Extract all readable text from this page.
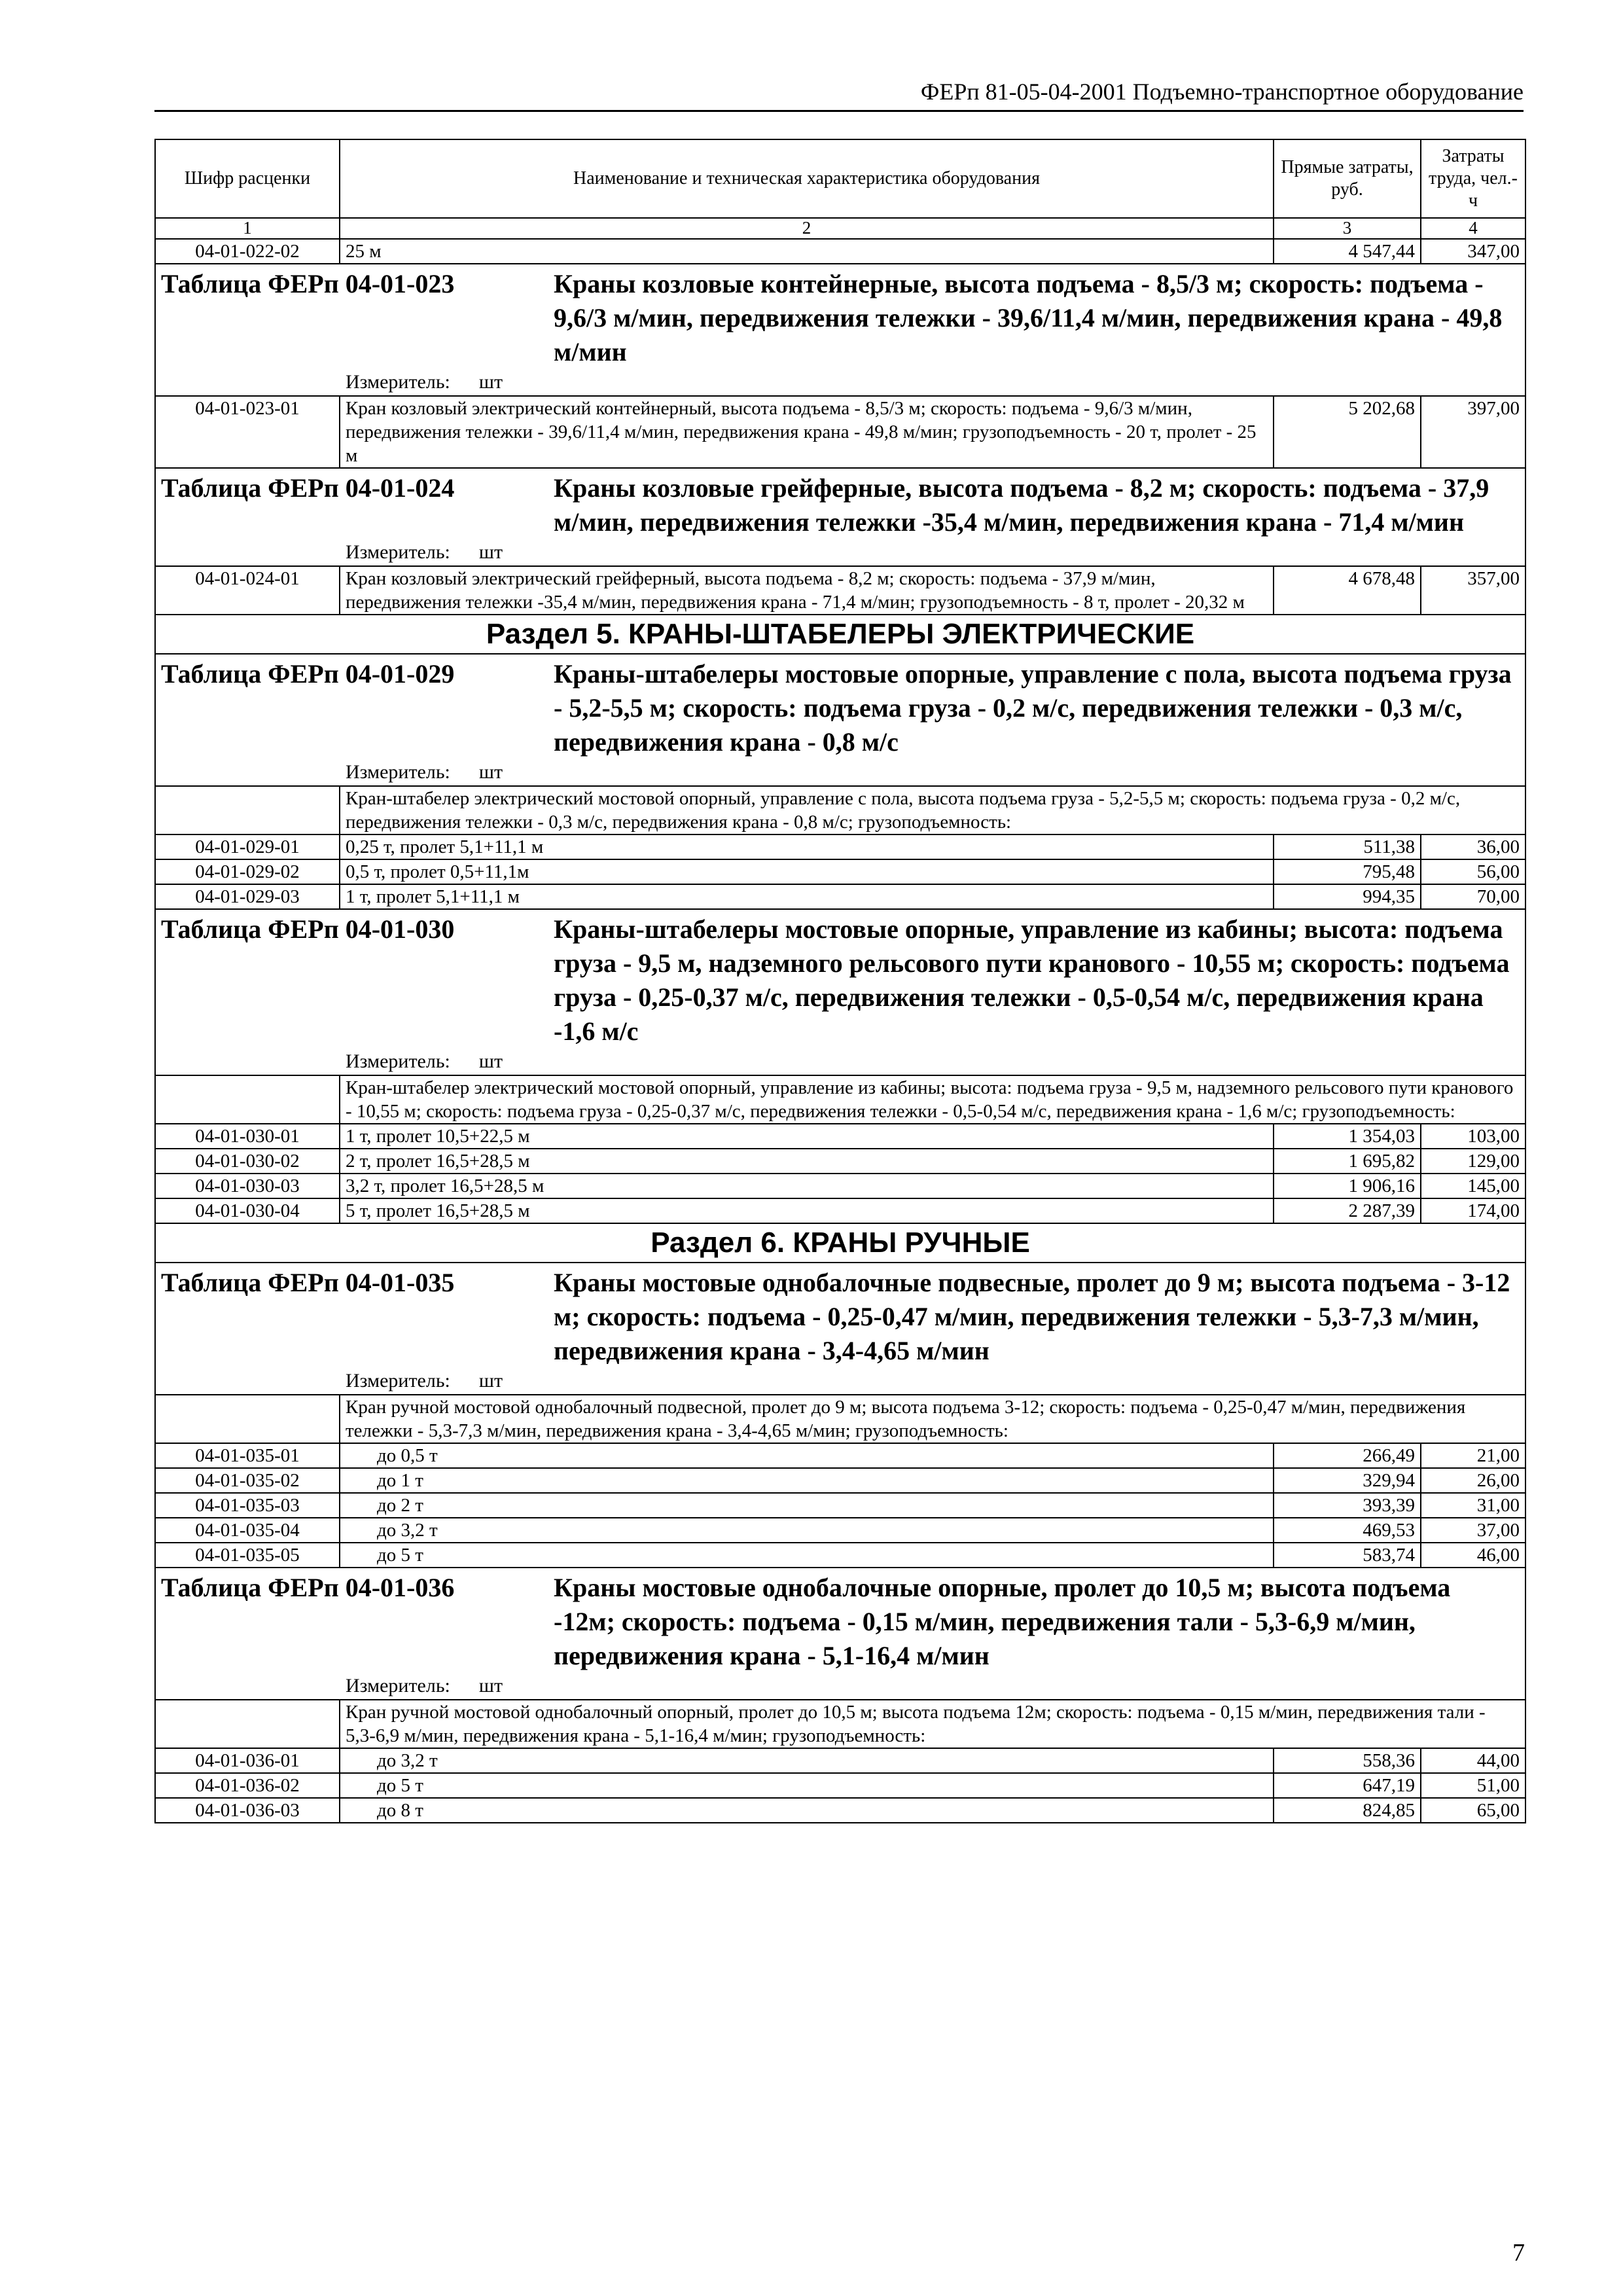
ФЕРп 81-05-04-2001 Подъемно-транспортное оборудование
Шифр расценки	Наименование и техническая характеристика оборудования	Прямые затраты, руб.	Затраты труда, чел.-ч
1	2	3	4
04-01-022-02	25 м	4 547,44	347,00

Таблица ФЕРп 04-01-023 Краны козловые контейнерные, высота подъема - 8,5/3 м; скорость: подъема - 9,6/3 м/мин, передвижения тележки - 39,6/11,4 м/мин, передвижения крана - 49,8 м/мин			

Измеритель: шт			
04-01-023-01	Кран козловый электрический контейнерный, высота подъема - 8,5/3 м; скорость: подъема - 9,6/3 м/мин, передвижения тележки - 39,6/11,4 м/мин, передвижения крана - 49,8 м/мин; грузоподъемность - 20 т, пролет - 25 м	5 202,68	397,00

Таблица ФЕРп 04-01-024 Краны козловые грейферные, высота подъема - 8,2 м; скорость: подъема - 37,9 м/мин, передвижения тележки -35,4 м/мин, передвижения крана - 71,4 м/мин			

Измеритель: шт			
04-01-024-01	Кран козловый электрический грейферный, высота подъема - 8,2 м; скорость: подъема - 37,9 м/мин, передвижения тележки -35,4 м/мин, передвижения крана - 71,4 м/мин; грузоподъемность - 8 т, пролет - 20,32 м	4 678,48	357,00
Раздел 5. КРАНЫ-ШТАБЕЛЕРЫ ЭЛЕКТРИЧЕСКИЕ			

Таблица ФЕРп 04-01-029 Краны-штабелеры мостовые опорные, управление с пола, высота подъема груза - 5,2-5,5 м; скорость: подъема груза - 0,2 м/с, передвижения тележки - 0,3 м/с, передвижения крана - 0,8 м/с			

Измеритель: шт			
	Кран-штабелер электрический мостовой опорный, управление с пола, высота подъема груза - 5,2-5,5 м; скорость: подъема груза - 0,2 м/с, передвижения тележки - 0,3 м/с, передвижения крана - 0,8 м/с; грузоподъемность:		
04-01-029-01	0,25 т, пролет 5,1+11,1 м	511,38	36,00
04-01-029-02	0,5 т, пролет 0,5+11,1м	795,48	56,00
04-01-029-03	1 т, пролет 5,1+11,1 м	994,35	70,00

Таблица ФЕРп 04-01-030 Краны-штабелеры мостовые опорные, управление из кабины; высота: подъема груза - 9,5 м, надземного рельсового пути кранового - 10,55 м; скорость: подъема груза - 0,25-0,37 м/с, передвижения тележки - 0,5-0,54 м/с, передвижения крана -1,6 м/с			

Измеритель: шт			
	Кран-штабелер электрический мостовой опорный, управление из кабины; высота: подъема груза - 9,5 м, надземного рельсового пути кранового - 10,55 м; скорость: подъема груза - 0,25-0,37 м/с, передвижения тележки - 0,5-0,54 м/с, передвижения крана - 1,6 м/с; грузоподъемность:		
04-01-030-01	1 т, пролет 10,5+22,5 м	1 354,03	103,00
04-01-030-02	2 т, пролет 16,5+28,5 м	1 695,82	129,00
04-01-030-03	3,2 т, пролет 16,5+28,5 м	1 906,16	145,00
04-01-030-04	5 т, пролет 16,5+28,5 м	2 287,39	174,00
Раздел 6. КРАНЫ РУЧНЫЕ			

Таблица ФЕРп 04-01-035 Краны мостовые однобалочные подвесные, пролет до 9 м; высота подъема - 3-12 м; скорость: подъема - 0,25-0,47 м/мин, передвижения тележки - 5,3-7,3 м/мин, передвижения крана - 3,4-4,65 м/мин			

Измеритель: шт			
	Кран ручной мостовой однобалочный подвесной, пролет до 9 м; высота подъема 3-12; скорость: подъема - 0,25-0,47 м/мин, передвижения тележки - 5,3-7,3 м/мин, передвижения крана - 3,4-4,65 м/мин; грузоподъемность:		
04-01-035-01	до 0,5 т	266,49	21,00
04-01-035-02	до 1 т	329,94	26,00
04-01-035-03	до 2 т	393,39	31,00
04-01-035-04	до 3,2 т	469,53	37,00
04-01-035-05	до 5 т	583,74	46,00

Таблица ФЕРп 04-01-036 Краны мостовые однобалочные опорные, пролет до 10,5 м; высота подъема -12м; скорость: подъема - 0,15 м/мин, передвижения тали - 5,3-6,9 м/мин, передвижения крана - 5,1-16,4 м/мин			

Измеритель: шт			
	Кран ручной мостовой однобалочный опорный, пролет до 10,5 м; высота подъема 12м; скорость: подъема - 0,15 м/мин, передвижения тали - 5,3-6,9 м/мин, передвижения крана - 5,1-16,4 м/мин; грузоподъемность:		
04-01-036-01	до 3,2 т	558,36	44,00
04-01-036-02	до 5 т	647,19	51,00
04-01-036-03	до 8 т	824,85	65,00
7
